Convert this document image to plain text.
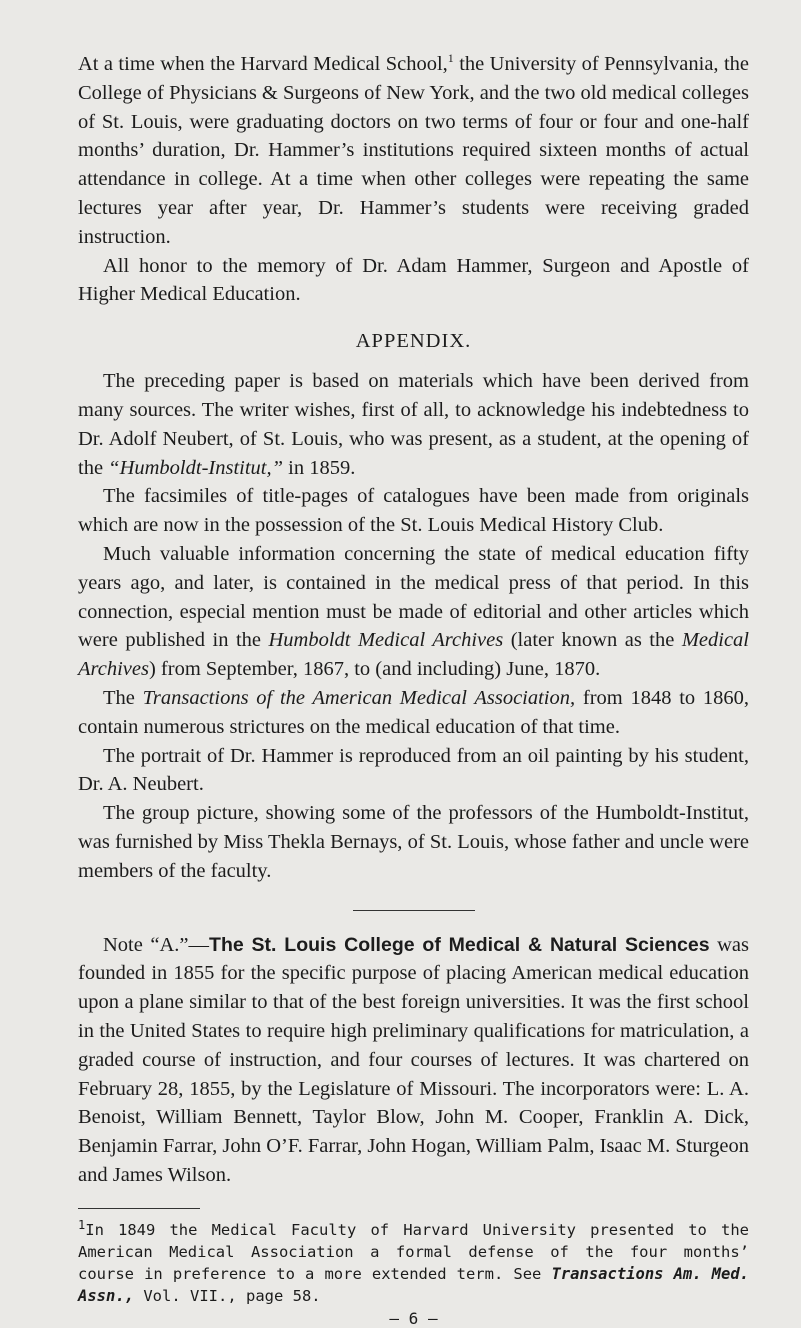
At a time when the Harvard Medical School,$^1$ the University of Pennsylvania, the College of Physicians & Surgeons of New York, and the two old medical colleges of St. Louis, were graduating doctors on two terms of four or four and one-half months’ duration, Dr. Hammer’s institutions required sixteen months of actual attendance in college. At a time when other colleges were repeating the same lectures year after year, Dr. Hammer’s students were receiving graded instruction.

All honor to the memory of Dr. Adam Hammer, Surgeon and Apostle of Higher Medical Education.

APPENDIX.

The preceding paper is based on materials which have been derived from many sources. The writer wishes, first of all, to acknowledge his indebtedness to Dr. Adolf Neubert, of St. Louis, who was present, as a student, at the opening of the “Humboldt-Institut,” in 1859.

The facsimiles of title-pages of catalogues have been made from originals which are now in the possession of the St. Louis Medical History Club.

Much valuable information concerning the state of medical education fifty years ago, and later, is contained in the medical press of that period. In this connection, especial mention must be made of editorial and other articles which were published in the Humboldt Medical Archives (later known as the Medical Archives) from September, 1867, to (and including) June, 1870.

The Transactions of the American Medical Association, from 1848 to 1860, contain numerous strictures on the medical education of that time.

The portrait of Dr. Hammer is reproduced from an oil painting by his student, Dr. A. Neubert.

The group picture, showing some of the professors of the Humboldt-Institut, was furnished by Miss Thekla Bernays, of St. Louis, whose father and uncle were members of the faculty.

Note “A.”—The St. Louis College of Medical & Natural Sciences was founded in 1855 for the specific purpose of placing American medical education upon a plane similar to that of the best foreign universities. It was the first school in the United States to require high preliminary qualifications for matriculation, a graded course of instruction, and four courses of lectures. It was chartered on February 28, 1855, by the Legislature of Missouri. The incorporators were: L. A. Benoist, William Bennett, Taylor Blow, John M. Cooper, Franklin A. Dick, Benjamin Farrar, John O’F. Farrar, John Hogan, William Palm, Isaac M. Sturgeon and James Wilson.

$^1$In 1849 the Medical Faculty of Harvard University presented to the American Medical Association a formal defense of the four months’ course in preference to a more extended term. See Transactions Am. Med. Assn., Vol. VII., page 58.

— 6 —
